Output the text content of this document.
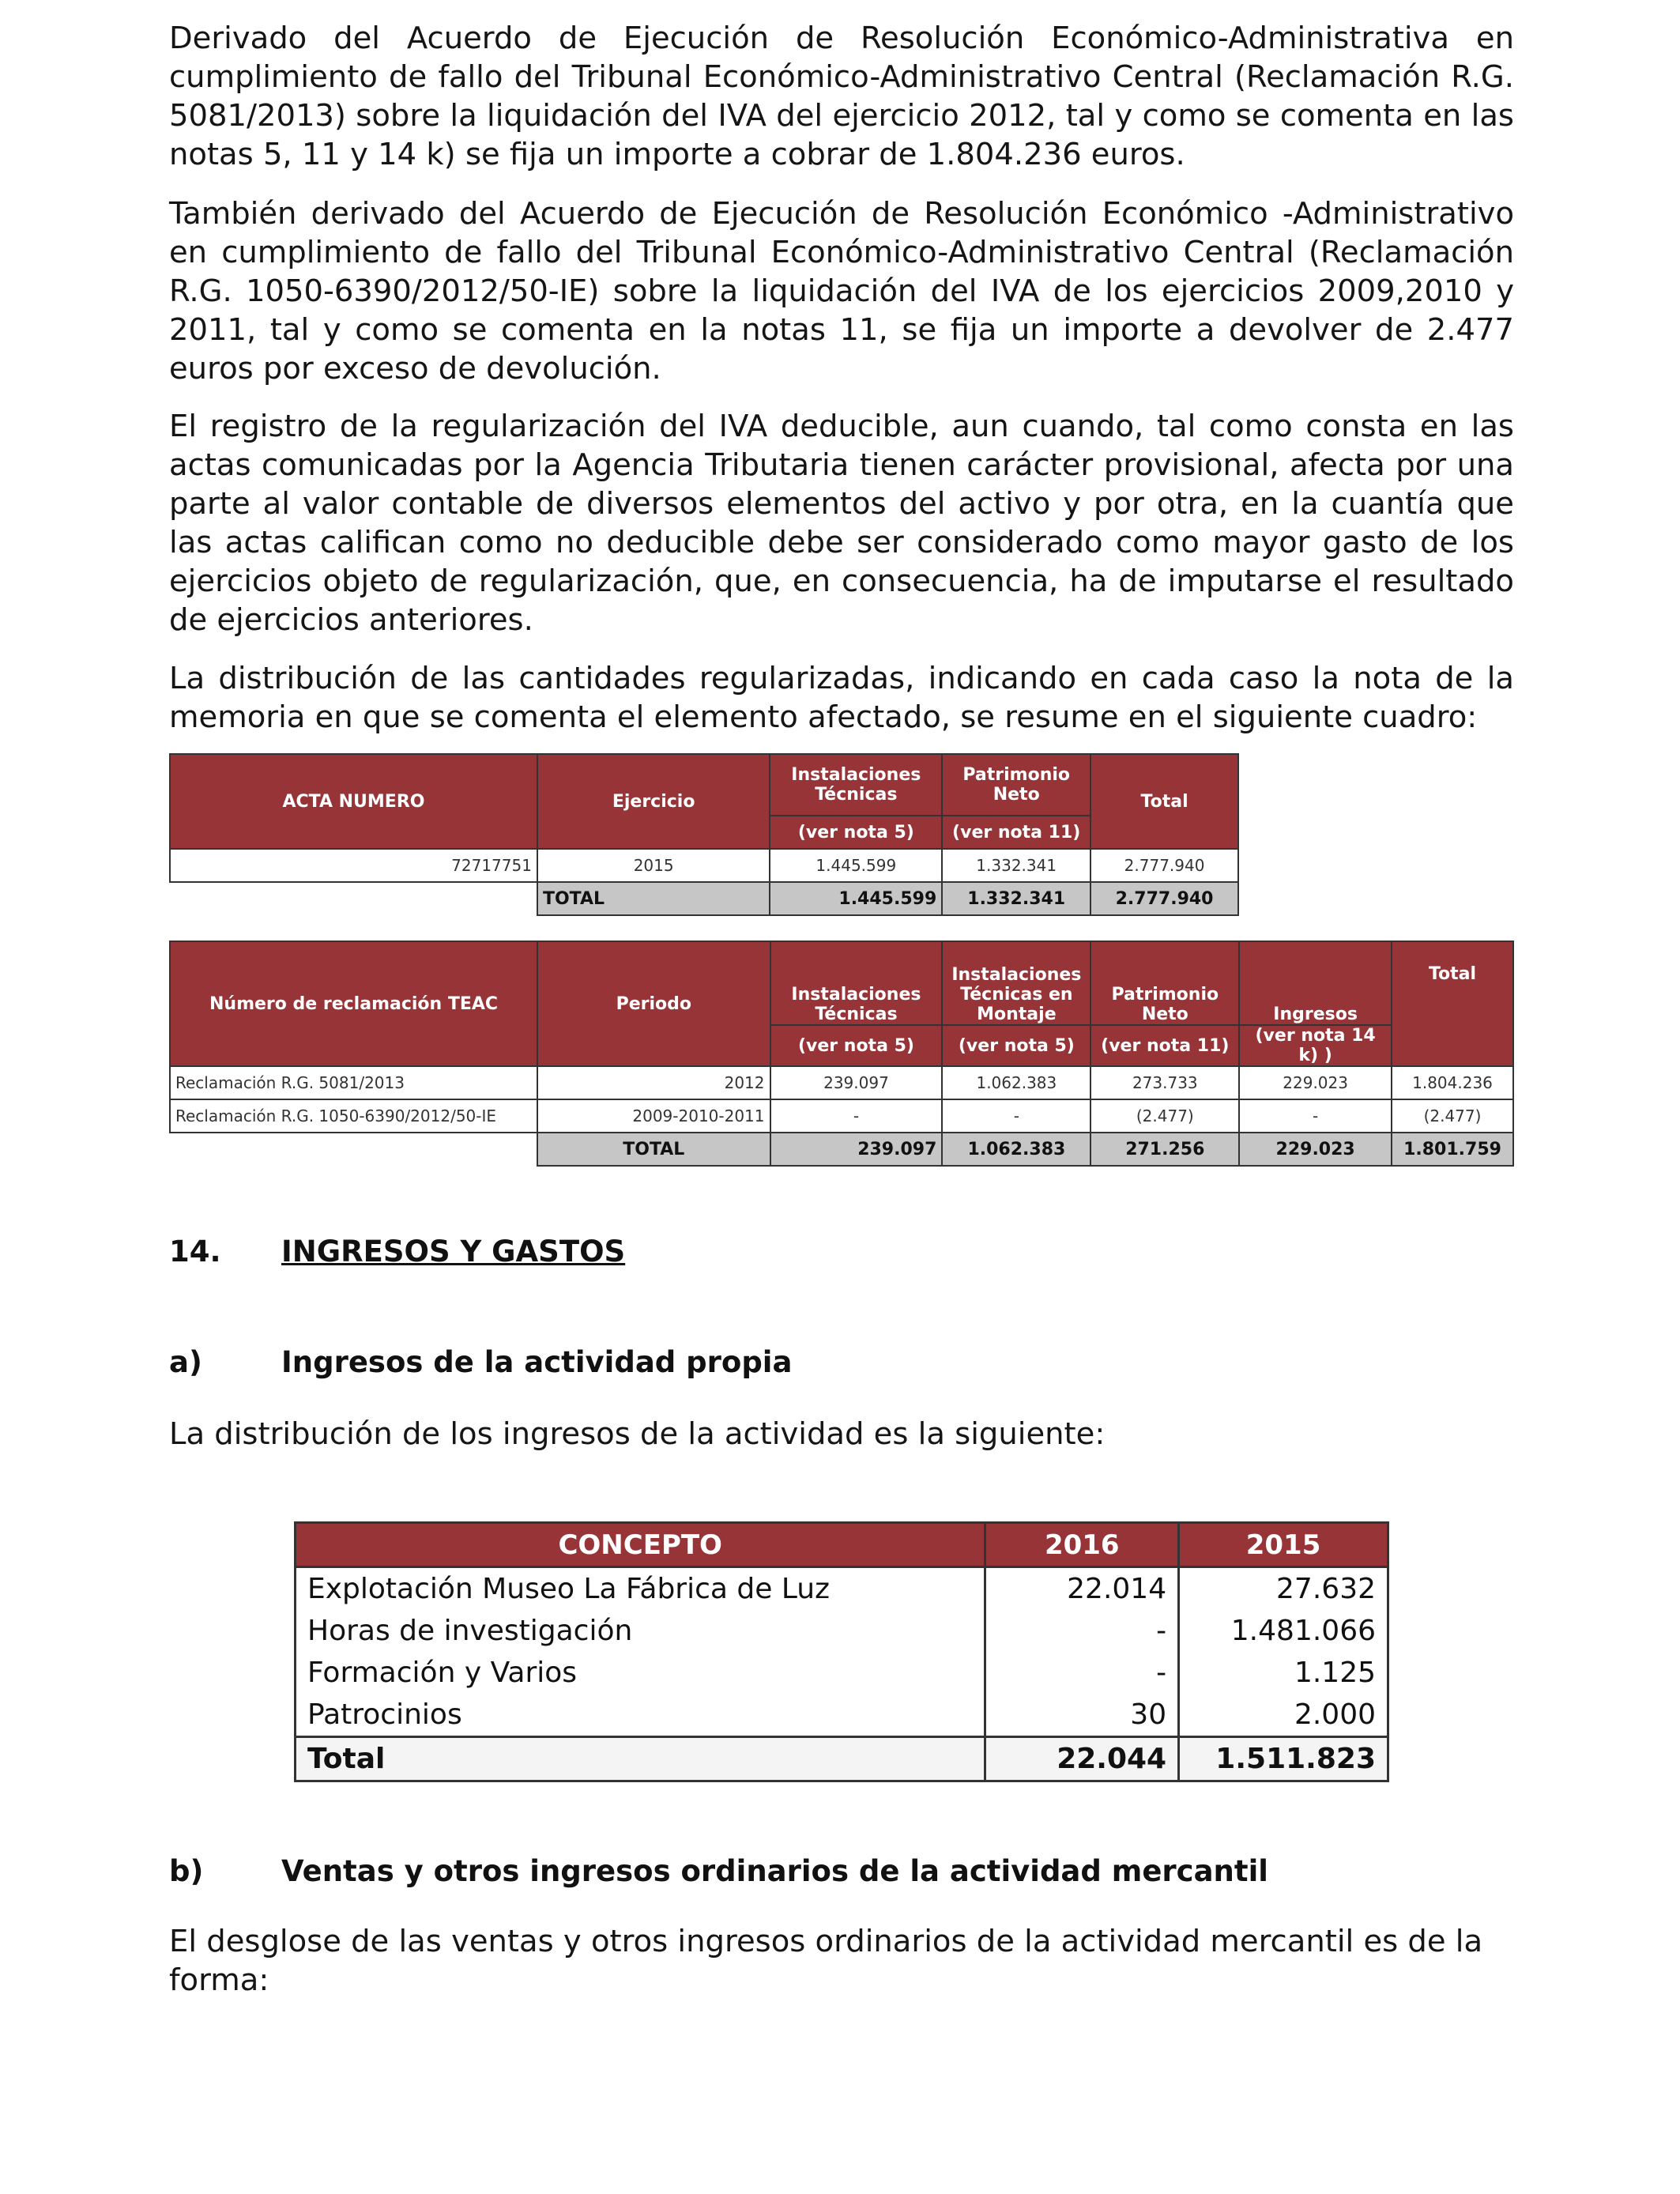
Derivado del Acuerdo de Ejecución de Resolución Económico-Administrativa en cumplimiento de fallo del Tribunal Económico-Administrativo Central (Reclamación R.G. 5081/2013) sobre la liquidación del IVA del ejercicio 2012, tal y como se comenta en las notas 5, 11 y 14 k) se fija un importe a cobrar de 1.804.236 euros.

También derivado del Acuerdo de Ejecución de Resolución Económico -Administrativo en cumplimiento de fallo del Tribunal Económico-Administrativo Central (Reclamación R.G. 1050-6390/2012/50-IE) sobre la liquidación del IVA de los ejercicios 2009,2010 y 2011, tal y como se comenta en la notas 11, se fija un importe a devolver de 2.477 euros por exceso de devolución.

El registro de la regularización del IVA deducible, aun cuando, tal como consta en las actas comunicadas por la Agencia Tributaria tienen carácter provisional, afecta por una parte al valor contable de diversos elementos del activo y por otra, en la cuantía que las actas califican como no deducible debe ser considerado como mayor gasto de los ejercicios objeto de regularización, que, en consecuencia, ha de imputarse el resultado de ejercicios anteriores.

La distribución de las cantidades regularizadas, indicando en cada caso la nota de la memoria en que se comenta el elemento afectado, se resume en el siguiente cuadro:

ACTA NUMERO	Ejercicio	Instalaciones Técnicas	Patrimonio Neto	Total
		(ver nota 5)	(ver nota 11)	
72717751	2015	1.445.599	1.332.341	2.777.940
	TOTAL	1.445.599	1.332.341	2.777.940
Número de reclamación TEAC	Periodo	Instalaciones Técnicas	Instalaciones Técnicas en Montaje	Patrimonio Neto	Ingresos	Total
		(ver nota 5)	(ver nota 5)	(ver nota 11)	(ver nota 14 k) )	
Reclamación R.G. 5081/2013	2012	239.097	1.062.383	273.733	229.023	1.804.236
Reclamación R.G. 1050-6390/2012/50-IE	2009-2010-2011	-	-	(2.477)	-	(2.477)
	TOTAL	239.097	1.062.383	271.256	229.023	1.801.759
14. INGRESOS Y GASTOS
a)	Ingresos de la actividad propia

La distribución de los ingresos de la actividad es la siguiente:

CONCEPTO	2016	2015
Explotación Museo La Fábrica de Luz	22.014	27.632
Horas de investigación	-	1.481.066
Formación y Varios	-	1.125
Patrocinios	30	2.000
Total	22.044	1.511.823
b)	Ventas y otros ingresos ordinarios de la actividad mercantil

El desglose de las ventas y otros ingresos ordinarios de la actividad mercantil es de la forma:
